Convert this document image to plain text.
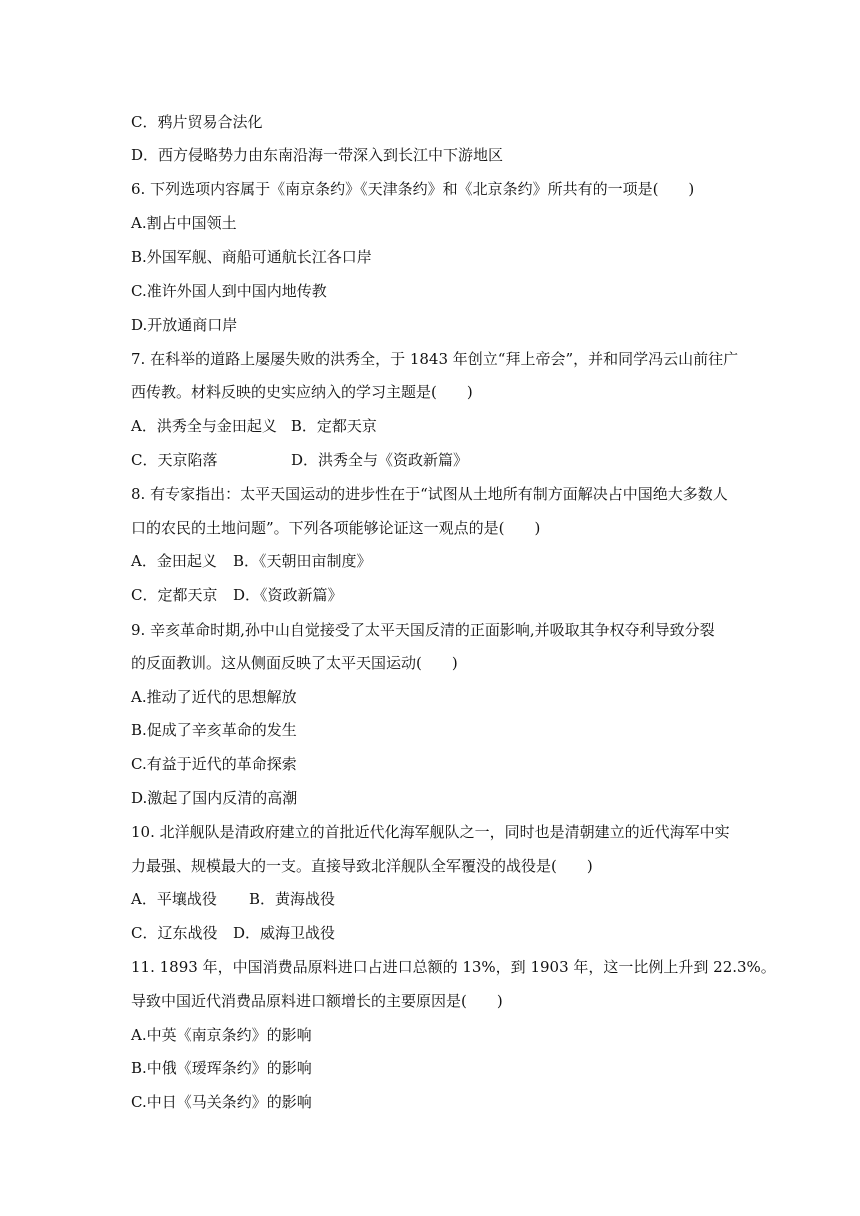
C．鸦片贸易合法化
D．西方侵略势力由东南沿海一带深入到长江中下游地区
6. 下列选项内容属于《南京条约》《天津条约》和《北京条约》所共有的一项是(　　)
A.割占中国领土
B.外国军舰、商船可通航长江各口岸
C.准许外国人到中国内地传教
D.开放通商口岸
7. 在科举的道路上屡屡失败的洪秀全，于 1843 年创立“拜上帝会”，并和同学冯云山前往广
西传教。材料反映的史实应纳入的学习主题是(　　)
A．洪秀全与金田起义 B．定都天京
C．天京陷落	D．洪秀全与《资政新篇》
8. 有专家指出：太平天国运动的进步性在于“试图从土地所有制方面解决占中国绝大多数人
口的农民的土地问题”。下列各项能够论证这一观点的是(　　)
A．金田起义 B．《天朝田亩制度》
C．定都天京 D．《资政新篇》
9. 辛亥革命时期,孙中山自觉接受了太平天国反清的正面影响,并吸取其争权夺利导致分裂
的反面教训。这从侧面反映了太平天国运动(　　)
A.推动了近代的思想解放
B.促成了辛亥革命的发生
C.有益于近代的革命探索
D.激起了国内反清的高潮
10. 北洋舰队是清政府建立的首批近代化海军舰队之一，同时也是清朝建立的近代海军中实
力最强、规模最大的一支。直接导致北洋舰队全军覆没的战役是(　　)
A．平壤战役 B．黄海战役
C．辽东战役 D．威海卫战役
11. 1893 年，中国消费品原料进口占进口总额的 13%，到 1903 年，这一比例上升到 22.3%。
导致中国近代消费品原料进口额增长的主要原因是(　　)
A.中英《南京条约》的影响
B.中俄《瑷珲条约》的影响
C.中日《马关条约》的影响
